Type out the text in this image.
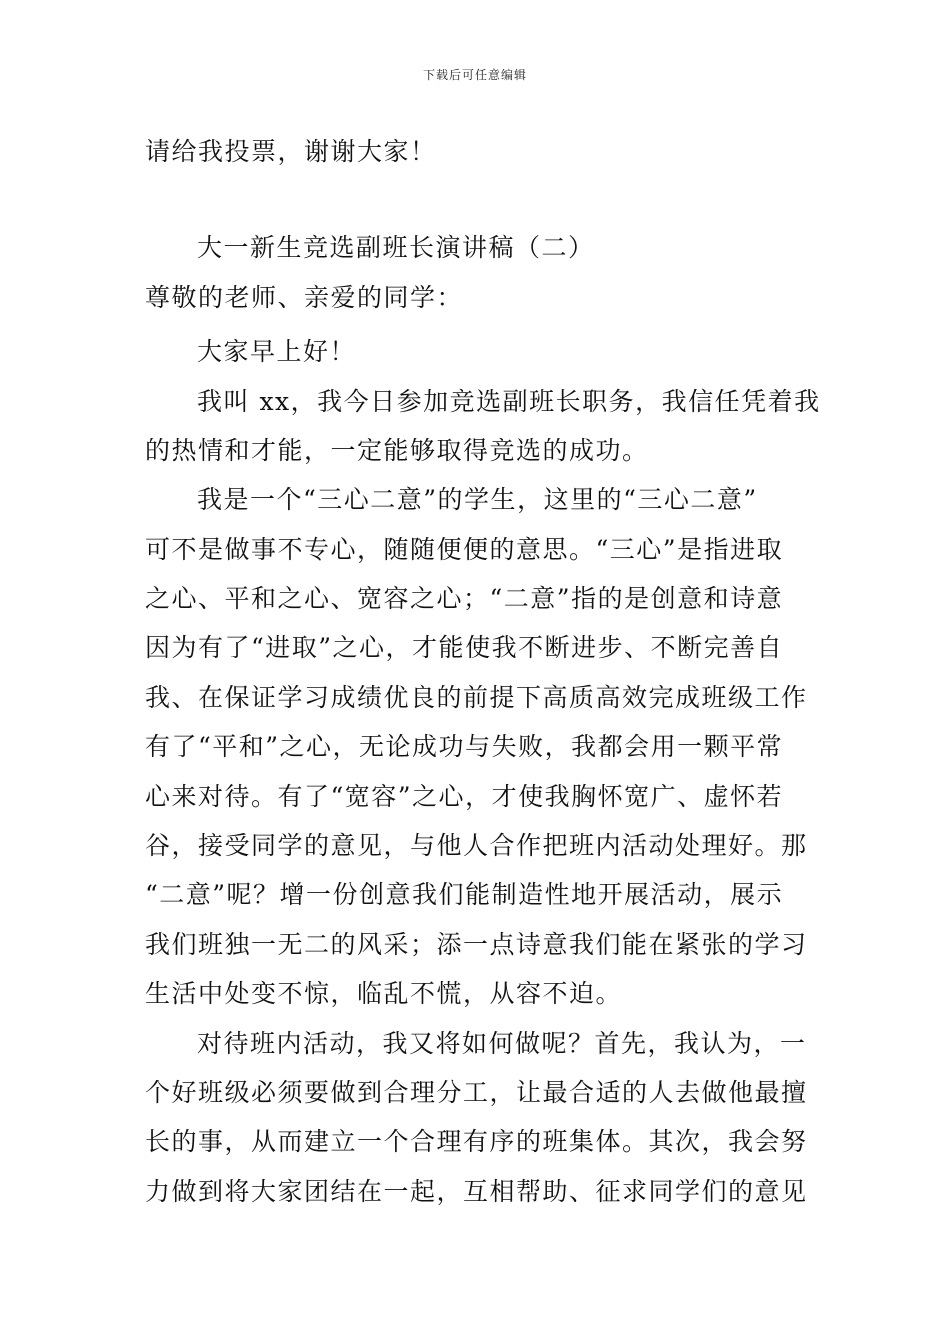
下载后可任意编辑
请给我投票，谢谢大家！
大一新生竞选副班长演讲稿（二）
尊敬的老师、亲爱的同学：
大家早上好！
我叫 xx，我今日参加竞选副班长职务，我信任凭着我
的热情和才能，一定能够取得竞选的成功。
我是一个“三心二意”的学生，这里的“三心二意”
可不是做事不专心，随随便便的意思。“三心”是指进取
之心、平和之心、宽容之心；“二意”指的是创意和诗意
因为有了“进取”之心，才能使我不断进步、不断完善自
我、在保证学习成绩优良的前提下高质高效完成班级工作
有了“平和”之心，无论成功与失败，我都会用一颗平常
心来对待。有了“宽容”之心，才使我胸怀宽广、虚怀若
谷，接受同学的意见，与他人合作把班内活动处理好。那
“二意”呢？增一份创意我们能制造性地开展活动，展示
我们班独一无二的风采；添一点诗意我们能在紧张的学习
生活中处变不惊，临乱不慌，从容不迫。
对待班内活动，我又将如何做呢？首先，我认为，一
个好班级必须要做到合理分工，让最合适的人去做他最擅
长的事，从而建立一个合理有序的班集体。其次，我会努
力做到将大家团结在一起，互相帮助、征求同学们的意见
